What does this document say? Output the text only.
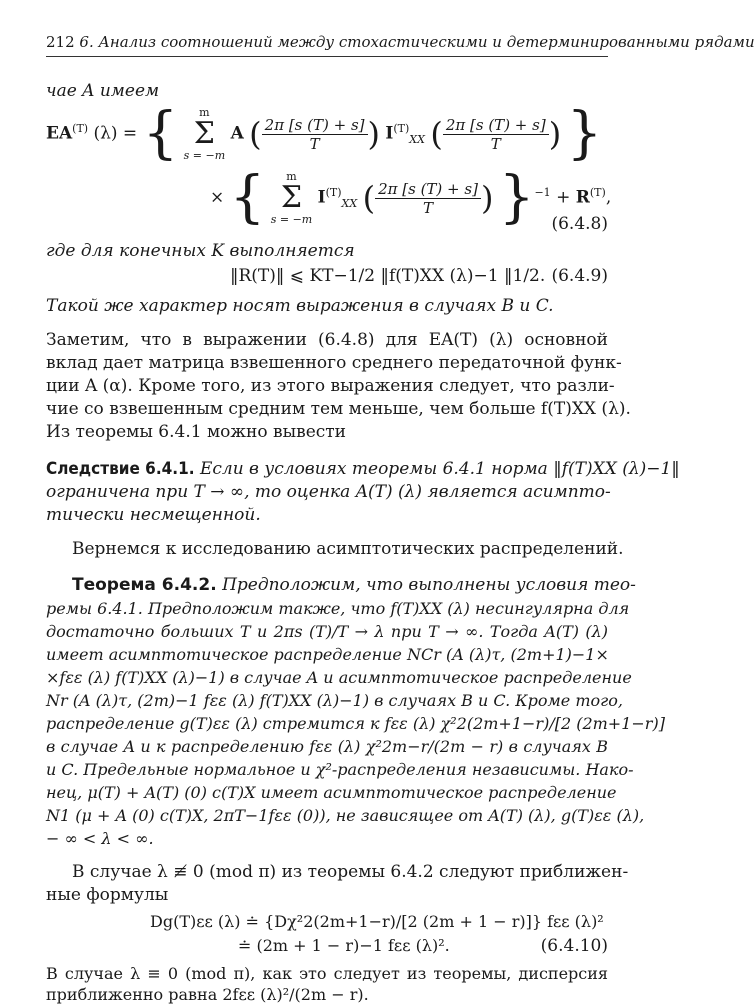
212 6. Анализ соотношений между стохастическими и детерминированными рядами
чае A имеем
$EA^{(T)}$ (λ) = { m
Σ
s = −m A ( $\frac{2\pi [s (T) + s]}{T}$ ) $I^{(T)}_{XX}$ ( $\frac{2\pi [s (T) + s]}{T}$ ) }
× { m
Σ
s = −m $I^{(T)}_{XX}$ ( $\frac{2\pi [s (T) + s]}{T}$ ) }$^{-1} + R^{(T)}$,
(6.4.8)
где для конечных K выполняется
‖R(T)‖ ⩽ KT−1/2 ‖f(T)XX (λ)−1 ‖1/2. (6.4.9)
Такой же характер носят выражения в случаях B и C.
Заметим, что в выражении (6.4.8) для EA(T) (λ) основной
вклад дает матрица взвешенного среднего передаточной функ-
ции A (α). Кроме того, из этого выражения следует, что разли-
чие со взвешенным средним тем меньше, чем больше f(T)XX (λ).
Из теоремы 6.4.1 можно вывести
Следствие 6.4.1. Если в условиях теоремы 6.4.1 норма ‖f(T)XX (λ)−1‖
ограничена при T → ∞, то оценка A(T) (λ) является асимпто-
тически несмещенной.
Вернемся к исследованию асимптотических распределений.
Теорема 6.4.2. Предположим, что выполнены условия тео-
ремы 6.4.1. Предположим также, что f(T)XX (λ) несингулярна для
достаточно больших T и 2πs (T)/T → λ при T → ∞. Тогда A(T) (λ)
имеет асимптотическое распределение NCr (A (λ)τ, (2m+1)−1×
×fεε (λ) f(T)XX (λ)−1) в случае A и асимптотическое распределение
Nr (A (λ)τ, (2m)−1 fεε (λ) f(T)XX (λ)−1) в случаях B и C. Кроме того,
распределение g(T)εε (λ) стремится к fεε (λ) χ²2(2m+1−r)/[2 (2m+1−r)]
в случае A и к распределению fεε (λ) χ²2m−r/(2m − r) в случаях B
и C. Предельные нормальное и χ²-распределения независимы. Нако-
нец, μ(T) + A(T) (0) c(T)X имеет асимптотическое распределение
N1 (μ + A (0) c(T)X, 2πT−1fεε (0)), не зависящее от A(T) (λ), g(T)εε (λ),
− ∞ < λ < ∞.
В случае λ ≢ 0 (mod π) из теоремы 6.4.2 следуют приближен-
ные формулы
Dg(T)εε (λ) ≐ {Dχ²2(2m+1−r)/[2 (2m + 1 − r)]} fεε (λ)²
≐ (2m + 1 − r)−1 fεε (λ)².	(6.4.10)
В случае λ ≡ 0 (mod π), как это следует из теоремы, дисперсия
приближенно равна 2fεε (λ)²/(2m − r).
